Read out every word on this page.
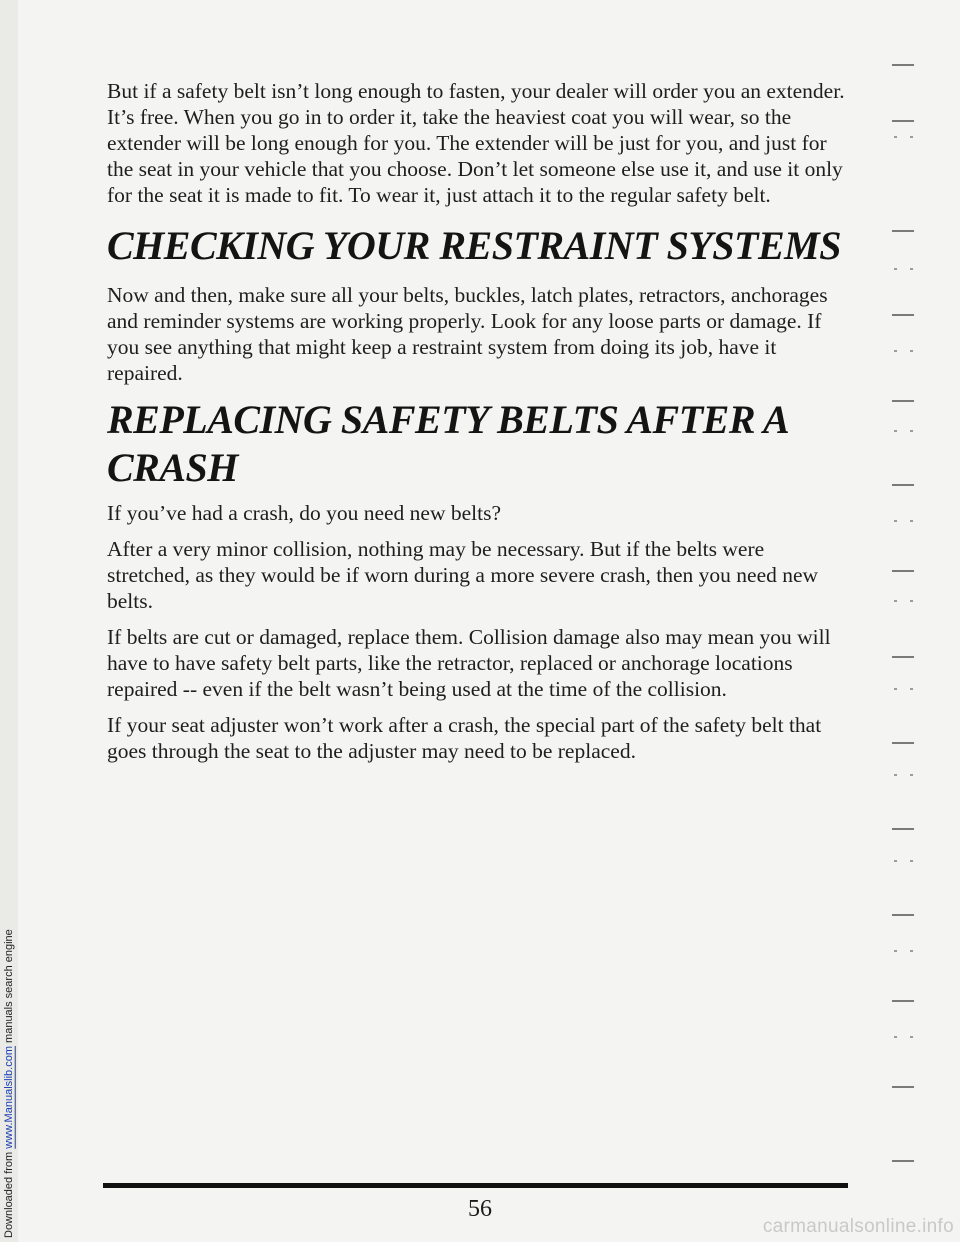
Downloaded from www.Manualslib.com manuals search engine

But if a safety belt isn’t long enough to fasten, your dealer will order you an extender. It’s free. When you go in to order it, take the heaviest coat you will wear, so the extender will be long enough for you. The extender will be just for you, and just for the seat in your vehicle that you choose. Don’t let someone else use it, and use it only for the seat it is made to fit. To wear it, just attach it to the regular safety belt.

CHECKING YOUR RESTRAINT SYSTEMS

Now and then, make sure all your belts, buckles, latch plates, retractors, anchorages and reminder systems are working properly. Look for any loose parts or damage. If you see anything that might keep a restraint system from doing its job, have it repaired.

REPLACING SAFETY BELTS AFTER A CRASH

If you’ve had a crash, do you need new belts?

After a very minor collision, nothing may be necessary. But if the belts were stretched, as they would be if worn during a more severe crash, then you need new belts.

If belts are cut or damaged, replace them. Collision damage also may mean you will have to have safety belt parts, like the retractor, replaced or anchorage locations repaired -- even if the belt wasn’t being used at the time of the collision.

If your seat adjuster won’t work after a crash, the special part of the safety belt that goes through the seat to the adjuster may need to be replaced.

56
carmanualsonline.info
